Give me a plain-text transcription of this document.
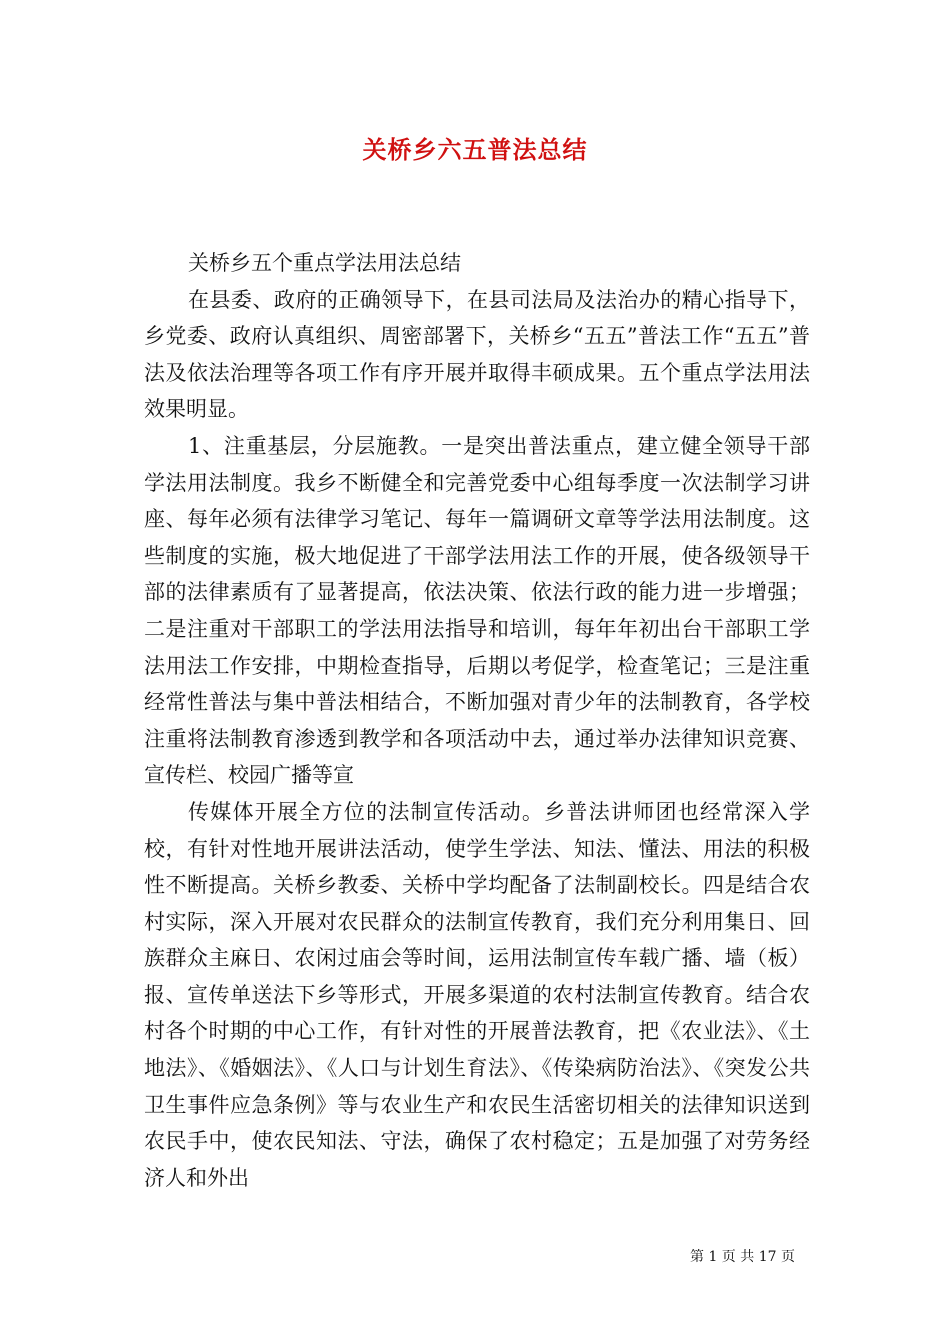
关桥乡六五普法总结

关桥乡五个重点学法用法总结

在县委、政府的正确领导下，在县司法局及法治办的精心指导下，乡党委、政府认真组织、周密部署下，关桥乡“五五”普法工作“五五”普法及依法治理等各项工作有序开展并取得丰硕成果。五个重点学法用法效果明显。

1、注重基层，分层施教。一是突出普法重点，建立健全领导干部学法用法制度。我乡不断健全和完善党委中心组每季度一次法制学习讲座、每年必须有法律学习笔记、每年一篇调研文章等学法用法制度。这些制度的实施，极大地促进了干部学法用法工作的开展，使各级领导干部的法律素质有了显著提高，依法决策、依法行政的能力进一步增强；二是注重对干部职工的学法用法指导和培训，每年年初出台干部职工学法用法工作安排，中期检查指导，后期以考促学，检查笔记；三是注重经常性普法与集中普法相结合，不断加强对青少年的法制教育，各学校注重将法制教育渗透到教学和各项活动中去，通过举办法律知识竞赛、宣传栏、校园广播等宣

传媒体开展全方位的法制宣传活动。乡普法讲师团也经常深入学校，有针对性地开展讲法活动，使学生学法、知法、懂法、用法的积极性不断提高。关桥乡教委、关桥中学均配备了法制副校长。四是结合农村实际，深入开展对农民群众的法制宣传教育，我们充分利用集日、回族群众主麻日、农闲过庙会等时间，运用法制宣传车载广播、墙（板）报、宣传单送法下乡等形式，开展多渠道的农村法制宣传教育。结合农村各个时期的中心工作，有针对性的开展普法教育，把《农业法》、《土地法》、《婚姻法》、《人口与计划生育法》、《传染病防治法》、《突发公共卫生事件应急条例》等与农业生产和农民生活密切相关的法律知识送到农民手中，使农民知法、守法，确保了农村稳定；五是加强了对劳务经济人和外出

第 1 页 共 17 页
